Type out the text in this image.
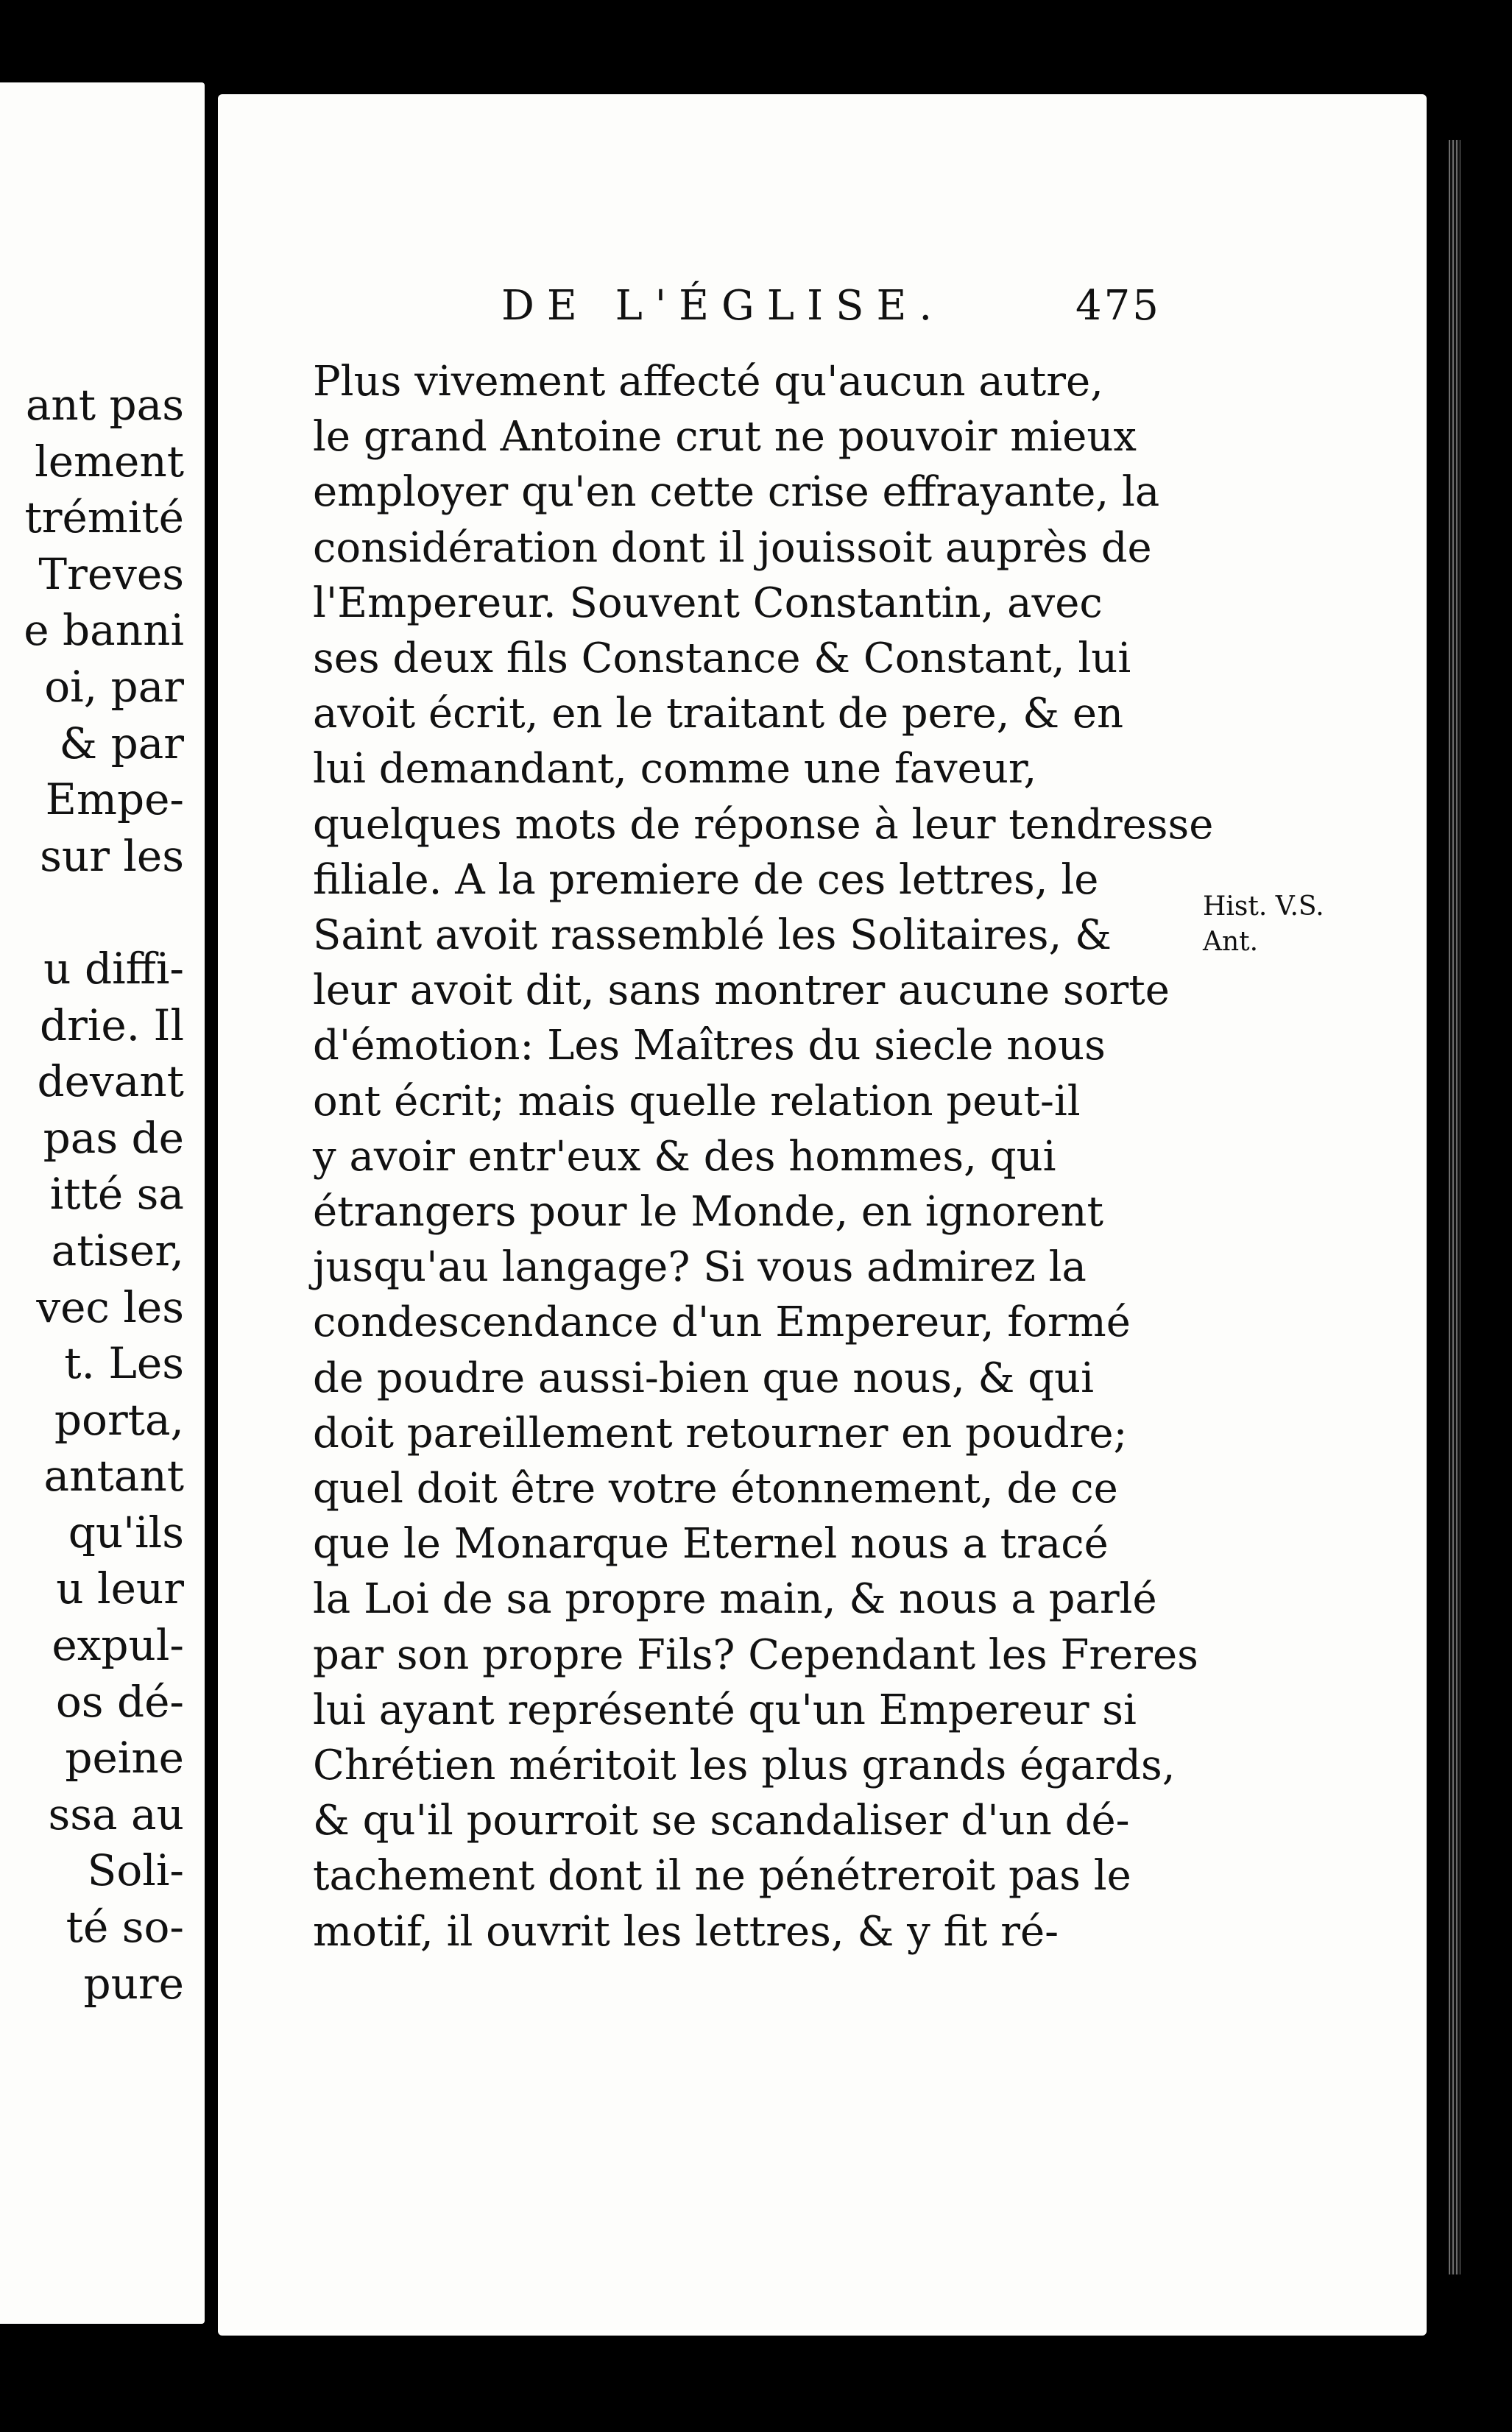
ant pas
lement
trémité
Treves
e banni
oi, par
& par
Empe-
sur les

u diffi-
drie. Il
devant
pas de
itté sa
atiser,
vec les
t. Les
porta,
antant
qu'ils
u leur
expul-
os dé-
peine
ssa au
Soli-
té so-
pure
DE L'ÉGLISE.	475
Plus vivement affecté qu'aucun autre,
le grand Antoine crut ne pouvoir mieux
employer qu'en cette crise effrayante, la
considération dont il jouissoit auprès de
l'Empereur. Souvent Constantin, avec
ses deux fils Constance & Constant, lui
avoit écrit, en le traitant de pere, & en
lui demandant, comme une faveur,
quelques mots de réponse à leur tendresse
filiale. A la premiere de ces lettres, le
Saint avoit rassemblé les Solitaires, &
leur avoit dit, sans montrer aucune sorte
d'émotion: Les Maîtres du siecle nous
ont écrit; mais quelle relation peut-il
y avoir entr'eux & des hommes, qui
étrangers pour le Monde, en ignorent
jusqu'au langage? Si vous admirez la
condescendance d'un Empereur, formé
de poudre aussi-bien que nous, & qui
doit pareillement retourner en poudre;
quel doit être votre étonnement, de ce
que le Monarque Eternel nous a tracé
la Loi de sa propre main, & nous a parlé
par son propre Fils? Cependant les Freres
lui ayant représenté qu'un Empereur si
Chrétien méritoit les plus grands égards,
& qu'il pourroit se scandaliser d'un dé-
tachement dont il ne pénétreroit pas le
motif, il ouvrit les lettres, & y fit ré-
Hist. V.S.
Ant.
